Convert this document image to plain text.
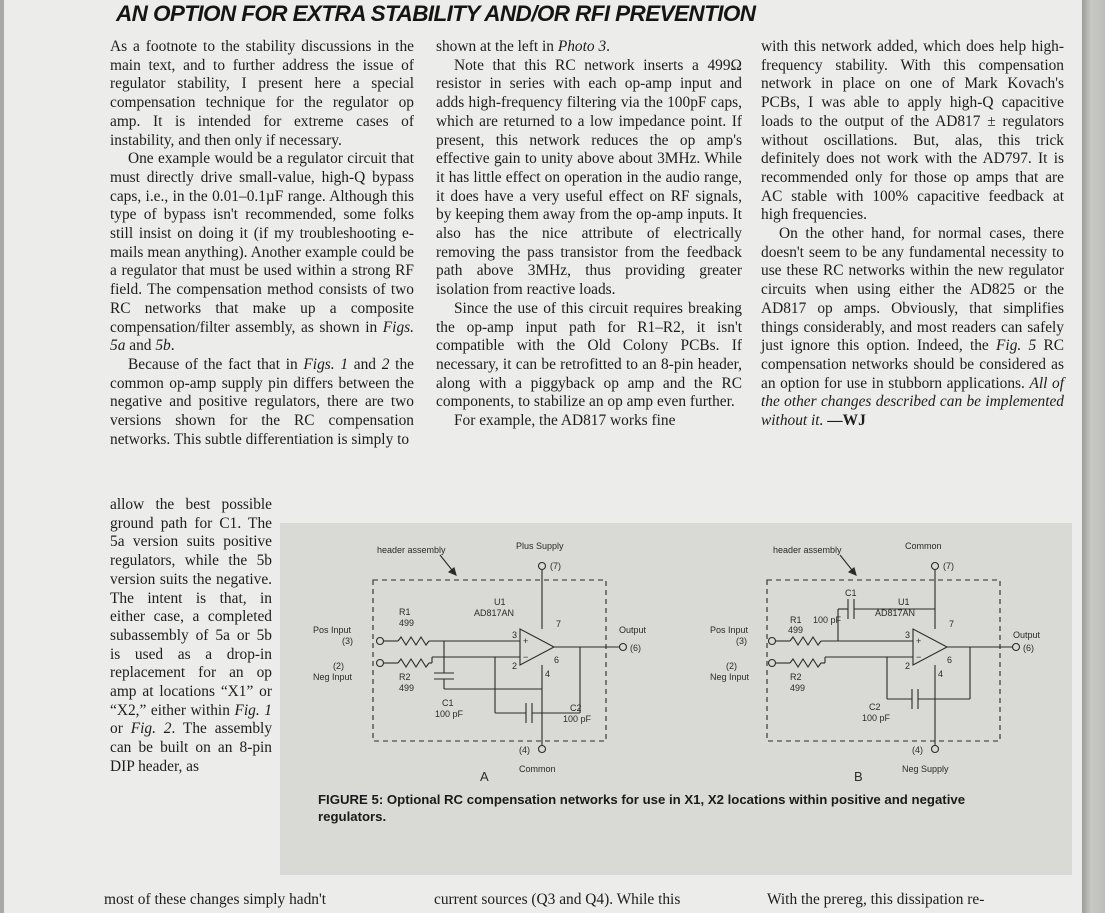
AN OPTION FOR EXTRA STABILITY AND/OR RFI PREVENTION

As a footnote to the stability discussions in the main text, and to further address the issue of regulator stability, I present here a special compensation technique for the regulator op amp. It is intended for extreme cases of instability, and then only if necessary.

One example would be a regulator circuit that must directly drive small-value, high-Q bypass caps, i.e., in the 0.01–0.1µF range. Although this type of bypass isn't recommended, some folks still insist on doing it (if my troubleshooting e-mails mean anything). Another example could be a regulator that must be used within a strong RF field. The compensation method consists of two RC networks that make up a composite compensation/filter assembly, as shown in Figs. 5a and 5b.

Because of the fact that in Figs. 1 and 2 the common op-amp supply pin differs between the negative and positive regulators, there are two versions shown for the RC compensation networks. This subtle differentiation is simply to

allow the best possible ground path for C1. The 5a version suits positive regulators, while the 5b version suits the negative. The intent is that, in either case, a completed subassembly of 5a or 5b is used as a drop-in replacement for an op amp at locations “X1” or “X2,” either within Fig. 1 or Fig. 2. The assembly can be built on an 8-pin DIP header, as

shown at the left in Photo 3.

Note that this RC network inserts a 499Ω resistor in series with each op-amp input and adds high-frequency filtering via the 100pF caps, which are returned to a low impedance point. If present, this network reduces the op amp's effective gain to unity above about 3MHz. While it has little effect on operation in the audio range, it does have a very useful effect on RF signals, by keeping them away from the op-amp inputs. It also has the nice attribute of electrically removing the pass transistor from the feedback path above 3MHz, thus providing greater isolation from reactive loads.

Since the use of this circuit requires breaking the op-amp input path for R1–R2, it isn't compatible with the Old Colony PCBs. If necessary, it can be retrofitted to an 8-pin header, along with a piggyback op amp and the RC components, to stabilize an op amp even further.

For example, the AD817 works fine

with this network added, which does help high-frequency stability. With this compensation network in place on one of Mark Kovach's PCBs, I was able to apply high-Q capacitive loads to the output of the AD817 ± regulators without oscillations. But, alas, this trick definitely does not work with the AD797. It is recommended only for those op amps that are AC stable with 100% capacitive feedback at high frequencies.

On the other hand, for normal cases, there doesn't seem to be any fundamental necessity to use these RC networks within the new regulator circuits when using either the AD825 or the AD817 op amps. Obviously, that simplifies things considerably, and most readers can safely just ignore this option. Indeed, the Fig. 5 RC compensation networks should be considered as an option for use in stubborn applications. All of the other changes described can be implemented without it. —WJ

header assembly	Plus Supply
(7)
U1
AD817AN
R1
499
R2
499
C1
100 pF
C2
100 pF
Pos Input
(3)
(2)
Neg Input
Output
(6)
(4)
Common
3
2
7
6
4
+
−
A
header assembly	Common
(7)
U1
AD817AN
R1
499
R2
499
C1
100 pF
C2
100 pF
Pos Input
(3)
(2)
Neg Input
Output
(6)
(4)
Neg Supply
3
2
7
6
4
+
−
B
FIGURE 5: Optional RC compensation networks for use in X1, X2 locations within positive and negative regulators.
most of these changes simply hadn't	current sources (Q3 and Q4). While this	With the prereg, this dissipation re-
